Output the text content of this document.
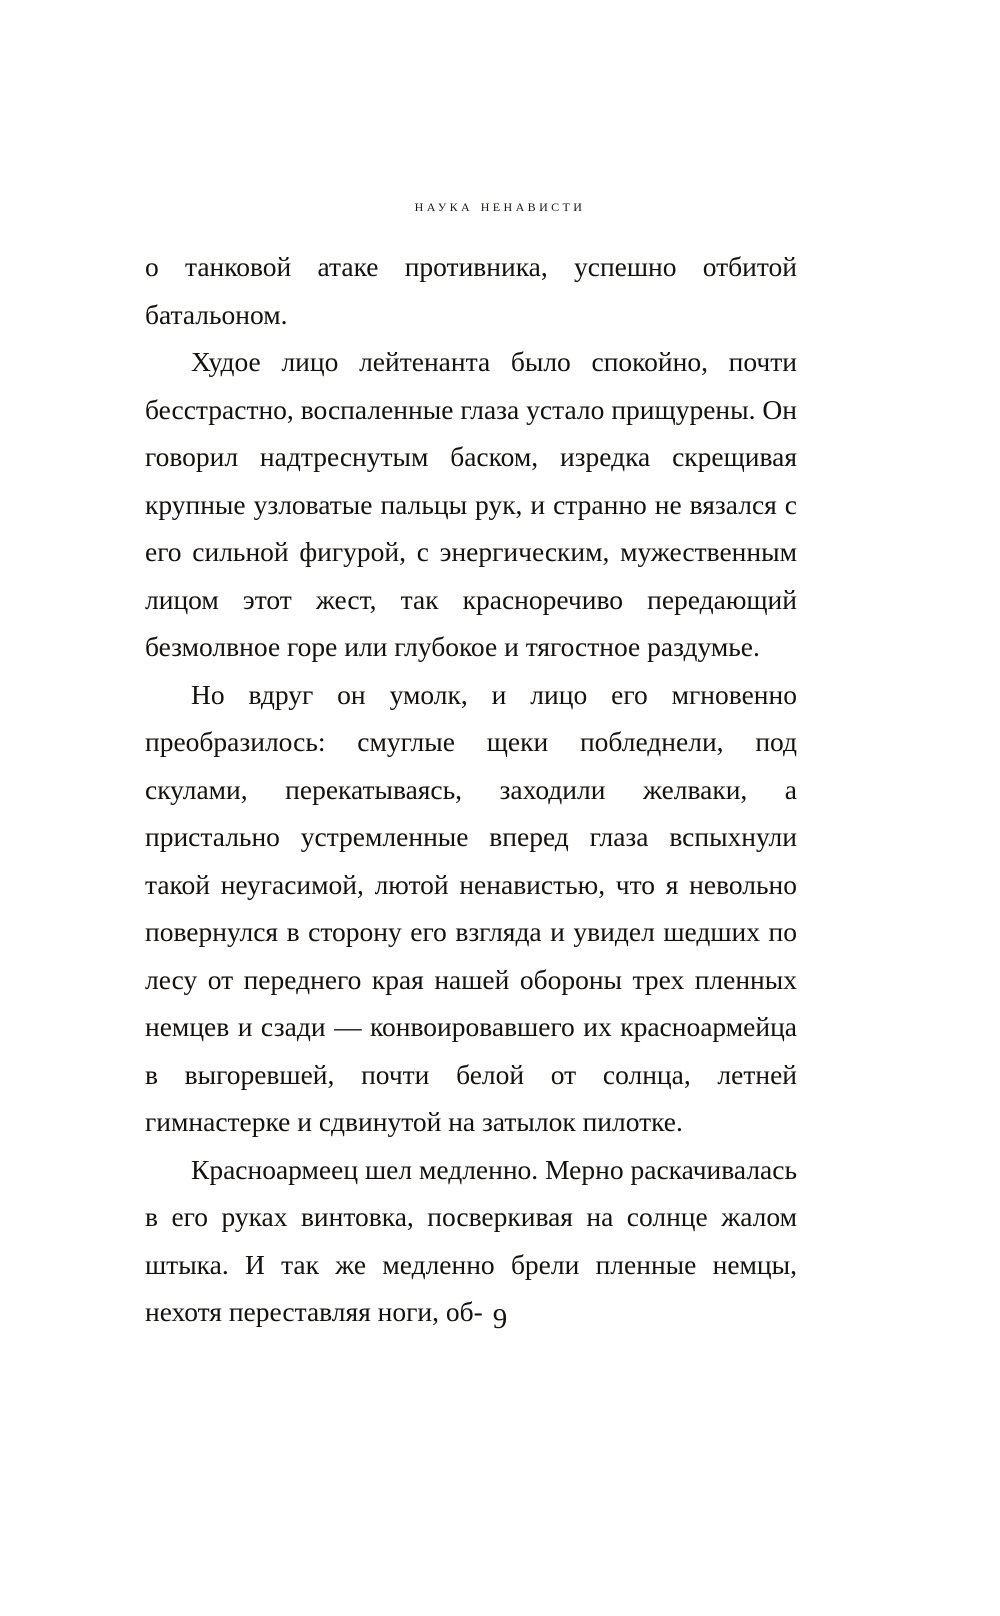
наука ненависти

о танковой атаке противника, успешно отбитой батальоном.

Худое лицо лейтенанта было спокойно, почти бесстрастно, воспаленные глаза устало прищурены. Он говорил надтреснутым баском, изредка скрещивая крупные узловатые пальцы рук, и странно не вязался с его сильной фигурой, с энергическим, мужественным лицом этот жест, так красноречиво передающий безмолвное горе или глубокое и тягостное раздумье.

Но вдруг он умолк, и лицо его мгновенно преобразилось: смуглые щеки побледнели, под скулами, перекатываясь, заходили желваки, а пристально устремленные вперед глаза вспыхнули такой неугасимой, лютой ненавистью, что я невольно повернулся в сторону его взгляда и увидел шедших по лесу от переднего края нашей обороны трех пленных немцев и сзади — конвоировавшего их красноармейца в выгоревшей, почти белой от солнца, летней гимнастерке и сдвинутой на затылок пилотке.

Красноармеец шел медленно. Мерно раскачивалась в его руках винтовка, посверкивая на солнце жалом штыка. И так же медленно брели пленные немцы, нехотя переставляя ноги, об- 9
